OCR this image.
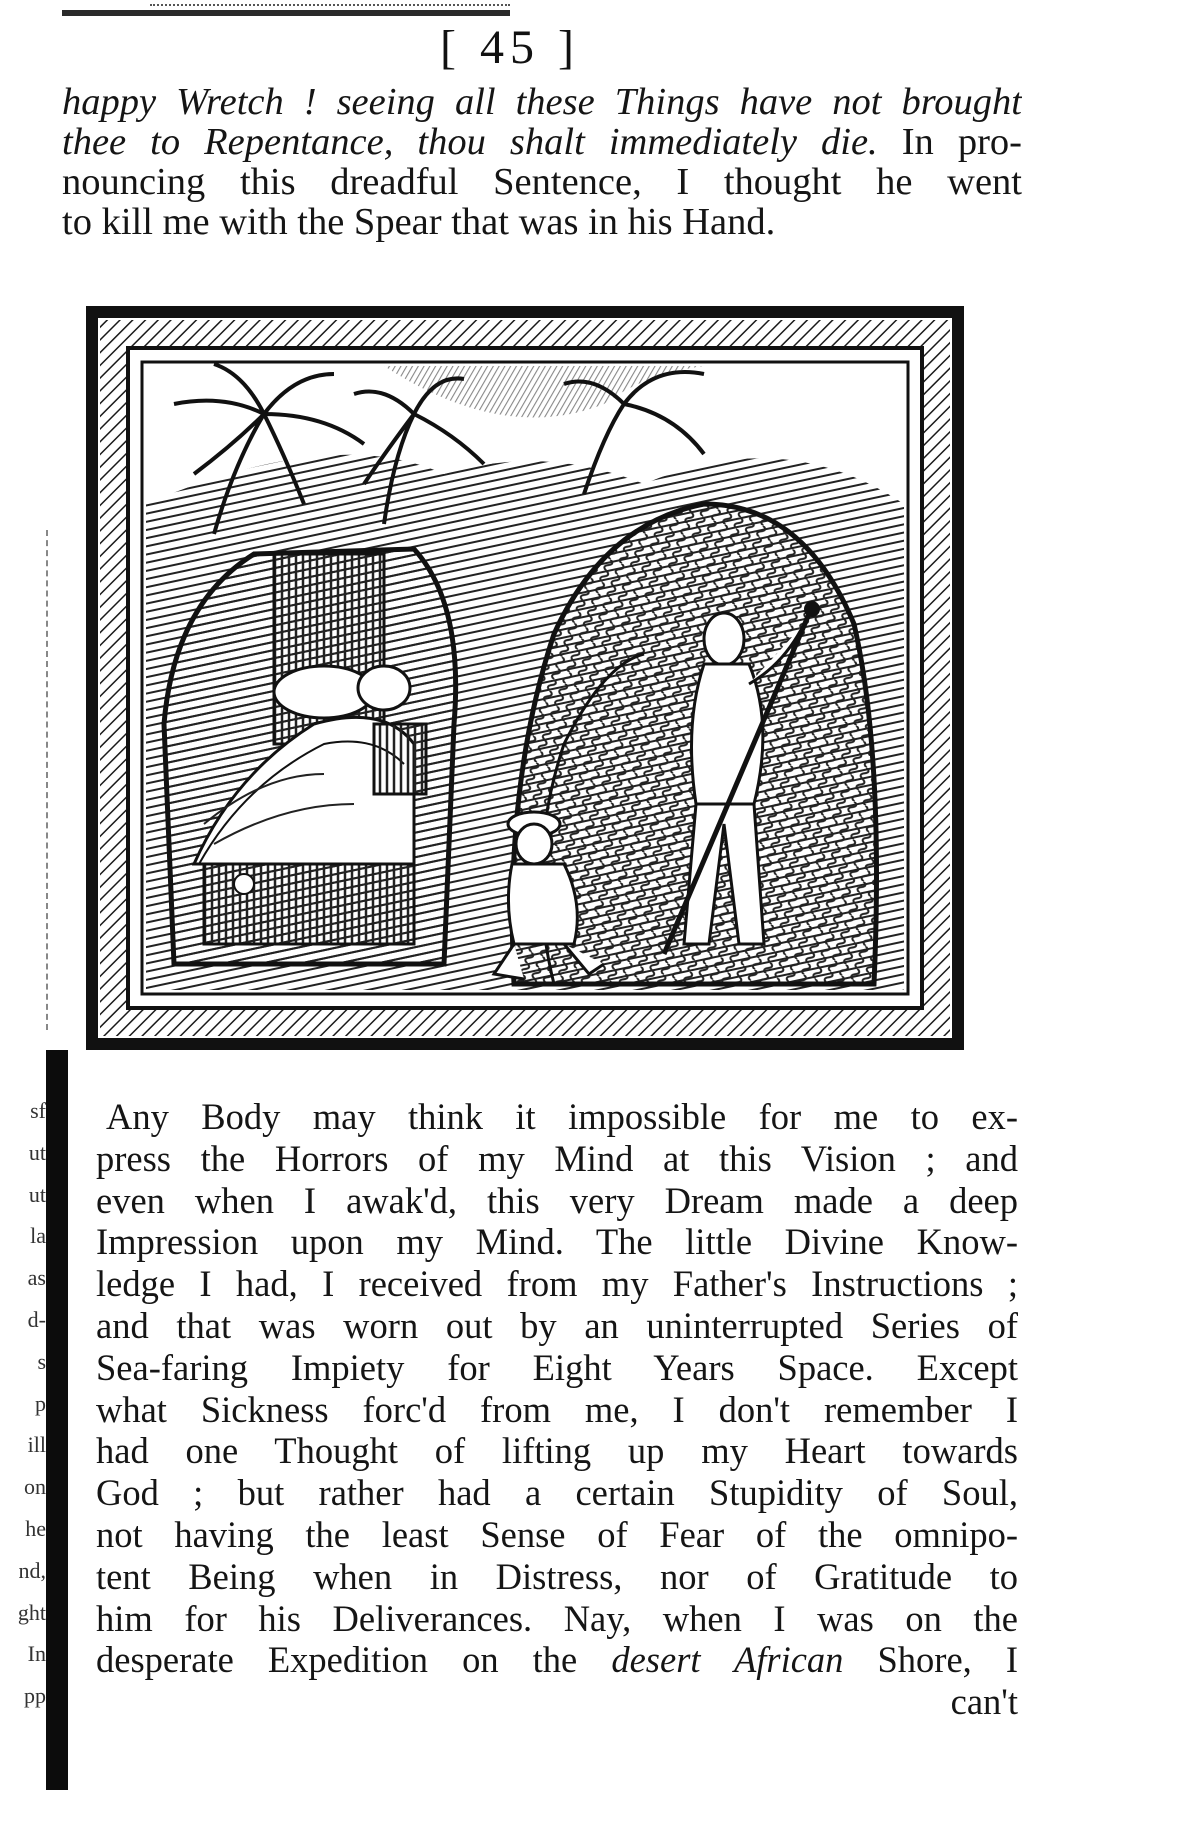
[ 45 ]
happy Wretch ! seeing all these Things have not brought
thee to Repentance, thou shalt immediately die. In pro-
nouncing this dreadful Sentence, I thought he went
to kill me with the Spear that was in his Hand.
sf
ut
ut
la
as
d-
s
p
ill
on
he
nd,
ght
In
pp
Any Body may think it impossible for me to ex-
press the Horrors of my Mind at this Vision ; and
even when I awak'd, this very Dream made a deep
Impression upon my Mind. The little Divine Know-
ledge I had, I received from my Father's Instructions ;
and that was worn out by an uninterrupted Series of
Sea-faring Impiety for Eight Years Space. Except
what Sickness forc'd from me, I don't remember I
had one Thought of lifting up my Heart towards
God ; but rather had a certain Stupidity of Soul,
not having the least Sense of Fear of the omnipo-
tent Being when in Distress, nor of Gratitude to
him for his Deliverances. Nay, when I was on the
desperate Expedition on the desert African Shore, I
can't
